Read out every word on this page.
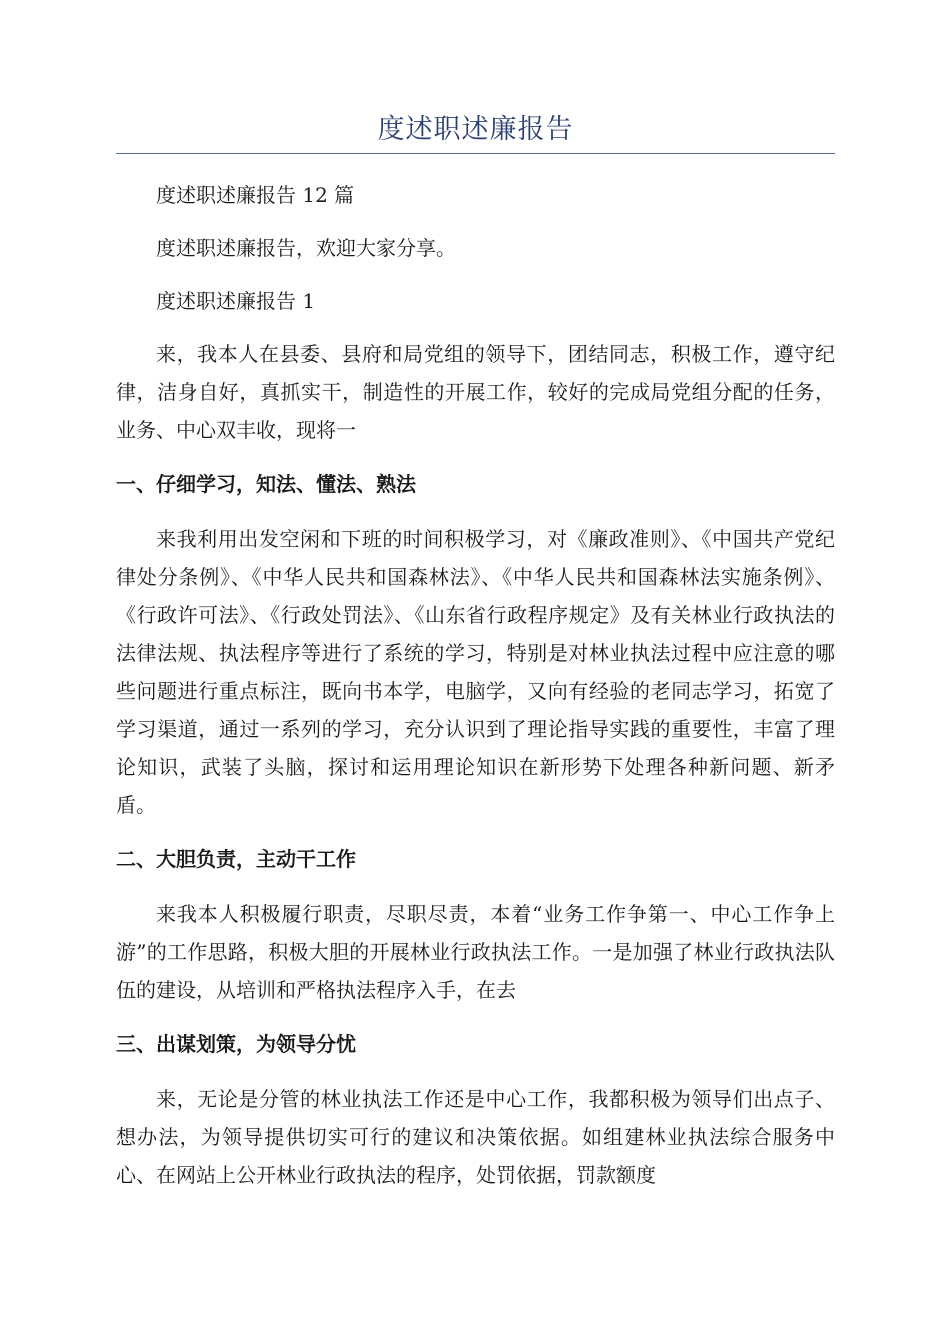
度述职述廉报告

度述职述廉报告 12 篇

度述职述廉报告，欢迎大家分享。

度述职述廉报告 1

来，我本人在县委、县府和局党组的领导下，团结同志，积极工作，遵守纪律，洁身自好，真抓实干，制造性的开展工作，较好的完成局党组分配的任务，业务、中心双丰收，现将一

一、仔细学习，知法、懂法、熟法

来我利用出发空闲和下班的时间积极学习，对《廉政准则》、《中国共产党纪律处分条例》、《中华人民共和国森林法》、《中华人民共和国森林法实施条例》、《行政许可法》、《行政处罚法》、《山东省行政程序规定》及有关林业行政执法的法律法规、执法程序等进行了系统的学习，特别是对林业执法过程中应注意的哪些问题进行重点标注，既向书本学，电脑学，又向有经验的老同志学习，拓宽了学习渠道，通过一系列的学习，充分认识到了理论指导实践的重要性，丰富了理论知识，武装了头脑，探讨和运用理论知识在新形势下处理各种新问题、新矛盾。

二、大胆负责，主动干工作

来我本人积极履行职责，尽职尽责，本着“业务工作争第一、中心工作争上游”的工作思路，积极大胆的开展林业行政执法工作。一是加强了林业行政执法队伍的建设，从培训和严格执法程序入手，在去

三、出谋划策，为领导分忧

来，无论是分管的林业执法工作还是中心工作，我都积极为领导们出点子、想办法，为领导提供切实可行的建议和决策依据。如组建林业执法综合服务中心、在网站上公开林业行政执法的程序，处罚依据，罚款额度
